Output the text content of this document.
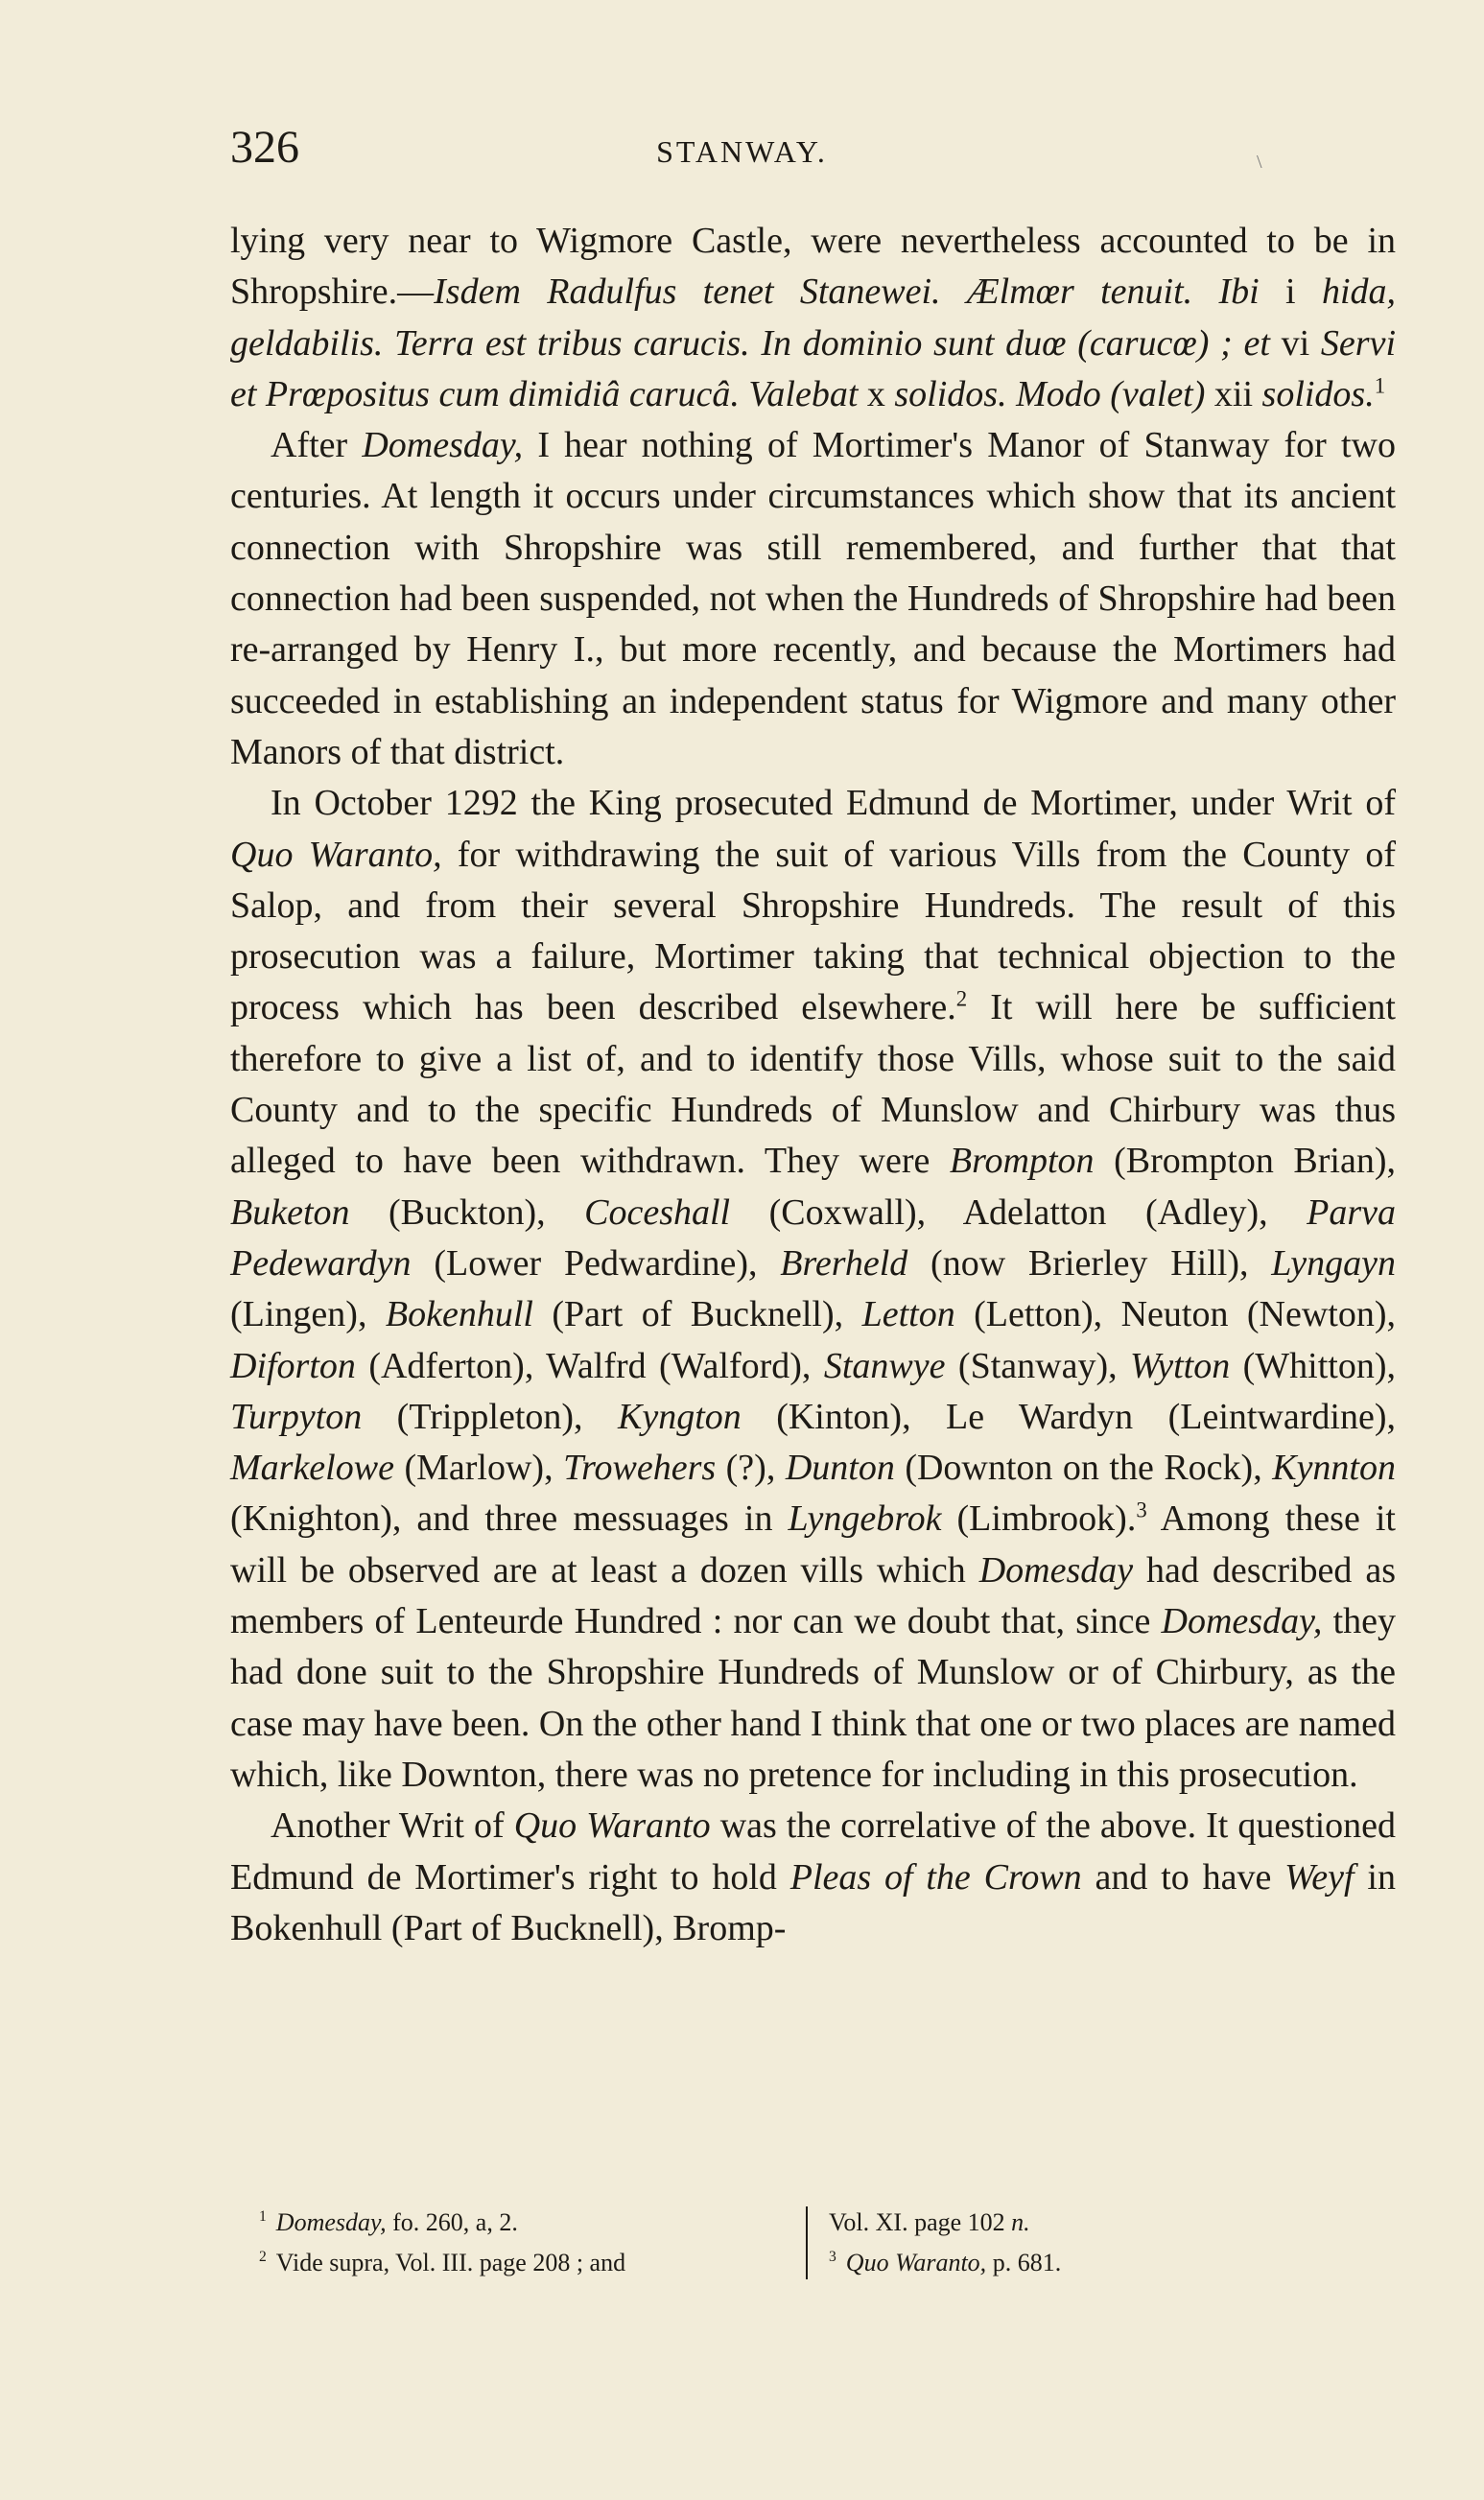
326	STANWAY.	\

lying very near to Wigmore Castle, were nevertheless accounted to be in Shropshire.—Isdem Radulfus tenet Stanewei. Ælmœr tenuit. Ibi i hida, geldabilis. Terra est tribus carucis. In dominio sunt duœ (carucœ) ; et vi Servi et Prœpositus cum dimidiâ carucâ. Valebat x solidos. Modo (valet) xii solidos.$^1$

After Domesday, I hear nothing of Mortimer's Manor of Stanway for two centuries. At length it occurs under circumstances which show that its ancient connection with Shropshire was still remembered, and further that that connection had been suspended, not when the Hundreds of Shropshire had been re-arranged by Henry I., but more recently, and because the Mortimers had succeeded in establishing an independent status for Wigmore and many other Manors of that district.

In October 1292 the King prosecuted Edmund de Mortimer, under Writ of Quo Waranto, for withdrawing the suit of various Vills from the County of Salop, and from their several Shropshire Hundreds. The result of this prosecution was a failure, Mortimer taking that technical objection to the process which has been described elsewhere.$^2$ It will here be sufficient therefore to give a list of, and to identify those Vills, whose suit to the said County and to the specific Hundreds of Munslow and Chirbury was thus alleged to have been withdrawn. They were Brompton (Brompton Brian), Buketon (Buckton), Coceshall (Coxwall), Adelatton (Adley), Parva Pedewardyn (Lower Pedwardine), Brerheld (now Brierley Hill), Lyngayn (Lingen), Bokenhull (Part of Bucknell), Letton (Letton), Neuton (Newton), Diforton (Adferton), Walfrd (Walford), Stanwye (Stanway), Wytton (Whitton), Turpyton (Trippleton), Kyngton (Kinton), Le Wardyn (Leintwardine), Markelowe (Marlow), Trowehers (?), Dunton (Downton on the Rock), Kynnton (Knighton), and three messuages in Lyngebrok (Limbrook).$^3$ Among these it will be observed are at least a dozen vills which Domesday had described as members of Lenteurde Hundred : nor can we doubt that, since Domesday, they had done suit to the Shropshire Hundreds of Munslow or of Chirbury, as the case may have been. On the other hand I think that one or two places are named which, like Downton, there was no pretence for including in this prosecution.

Another Writ of Quo Waranto was the correlative of the above. It questioned Edmund de Mortimer's right to hold Pleas of the Crown and to have Weyf in Bokenhull (Part of Bucknell), Bromp-

$^1$ Domesday, fo. 260, a, 2.
$^2$ Vide supra, Vol. III. page 208 ; and
Vol. XI. page 102 n.
$^3$ Quo Waranto, p. 681.
